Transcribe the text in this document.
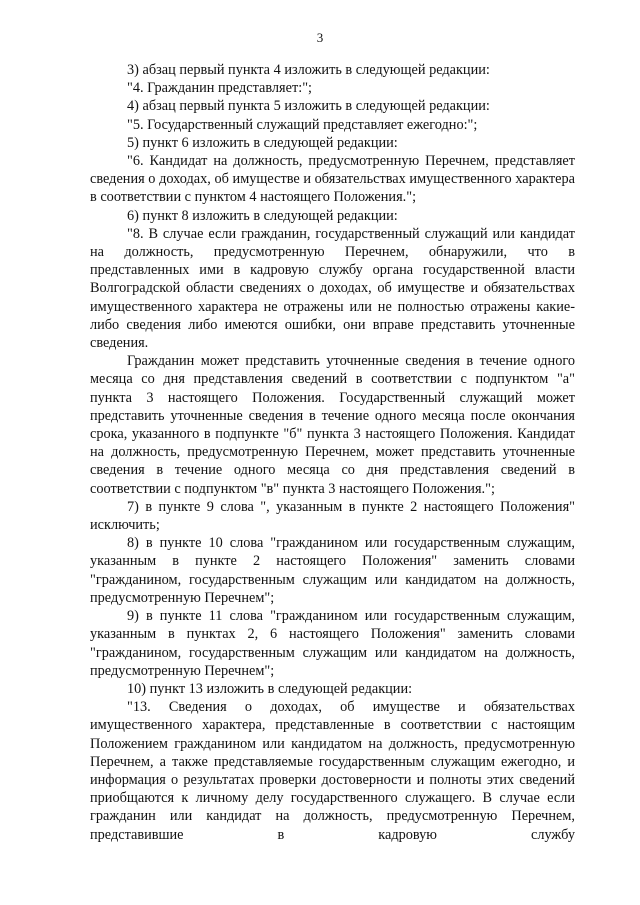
3

3) абзац первый пункта 4 изложить в следующей редакции:

"4. Гражданин представляет:";

4) абзац первый пункта 5 изложить в следующей редакции:

"5. Государственный служащий представляет ежегодно:";

5) пункт 6 изложить в следующей редакции:

"6. Кандидат на должность, предусмотренную Перечнем, представляет сведения о доходах, об имуществе и обязательствах имущественного характера в соответствии с пунктом 4 настоящего Положения.";

6) пункт 8 изложить в следующей редакции:

"8. В случае если гражданин, государственный служащий или кандидат на должность, предусмотренную Перечнем, обнаружили, что в представленных ими в кадровую службу органа государственной власти Волгоградской области сведениях о доходах, об имуществе и обязательствах имущественного характера не отражены или не полностью отражены какие-либо сведения либо имеются ошибки, они вправе представить уточненные сведения.

Гражданин может представить уточненные сведения в течение одного месяца со дня представления сведений в соответствии с подпунктом "а" пункта 3 настоящего Положения. Государственный служащий может представить уточненные сведения в течение одного месяца после окончания срока, указанного в подпункте "б" пункта 3 настоящего Положения. Кандидат на должность, предусмотренную Перечнем, может представить уточненные сведения в течение одного месяца со дня представления сведений в соответствии с подпунктом "в" пункта 3 настоящего Положения.";

7) в пункте 9 слова ", указанным в пункте 2 настоящего Положения" исключить;

8) в пункте 10 слова "гражданином или государственным служащим, указанным в пункте 2 настоящего Положения" заменить словами "гражданином, государственным служащим или кандидатом на должность, предусмотренную Перечнем";

9) в пункте 11 слова "гражданином или государственным служащим, указанным в пунктах 2, 6 настоящего Положения" заменить словами "гражданином, государственным служащим или кандидатом на должность, предусмотренную Перечнем";

10) пункт 13 изложить в следующей редакции:

"13. Сведения о доходах, об имуществе и обязательствах имущественного характера, представленные в соответствии с настоящим Положением гражданином или кандидатом на должность, предусмотренную Перечнем, а также представляемые государственным служащим ежегодно, и информация о результатах проверки достоверности и полноты этих сведений приобщаются к личному делу государственного служащего. В случае если гражданин или кандидат на должность, предусмотренную Перечнем, представившие в кадровую службу
